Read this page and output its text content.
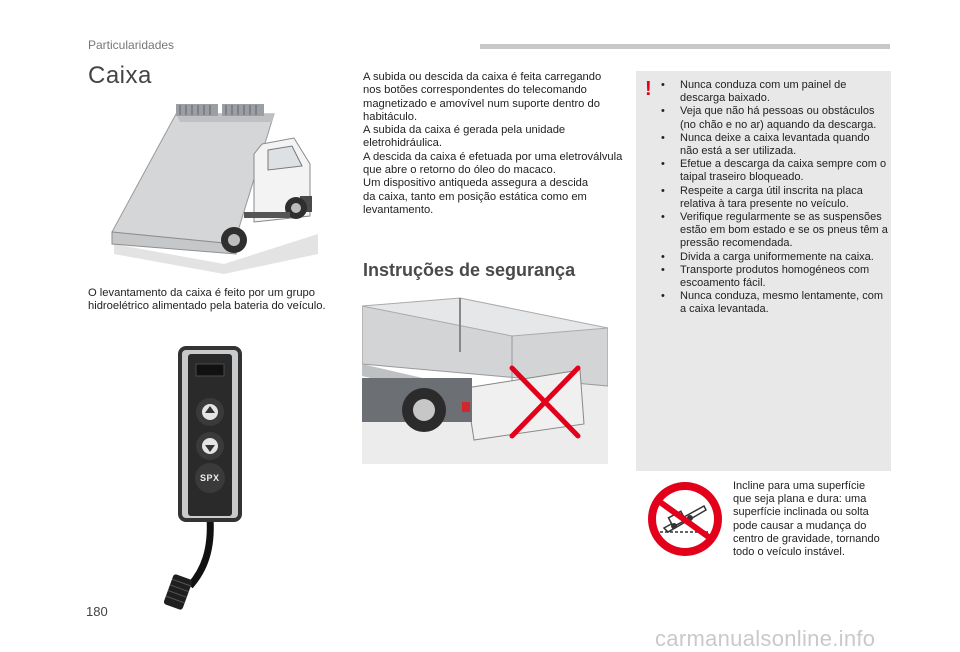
Particularidades
Caixa
O levantamento da caixa é feito por um grupo hidroelétrico alimentado pela bateria do veículo.
SPX
A subida ou descida da caixa é feita carregando
nos botões correspondentes do telecomando
magnetizado e amovível num suporte dentro do
habitáculo.
A subida da caixa é gerada pela unidade
eletrohidráulica.
A descida da caixa é efetuada por uma eletroválvula
que abre o retorno do óleo do macaco.
Um dispositivo antiqueda assegura a descida
da caixa, tanto em posição estática como em
levantamento.
Instruções de segurança
!	• Nunca conduza com um painel de descarga baixado.
• Veja que não há pessoas ou obstáculos (no chão e no ar) aquando da descarga.
• Nunca deixe a caixa levantada quando não está a ser utilizada.
• Efetue a descarga da caixa sempre com o taipal traseiro bloqueado.
• Respeite a carga útil inscrita na placa relativa à tara presente no veículo.
• Verifique regularmente se as suspensões estão em bom estado e se os pneus têm a pressão recomendada.
• Divida a carga uniformemente na caixa.
• Transporte produtos homogéneos com escoamento fácil.
• Nunca conduza, mesmo lentamente, com a caixa levantada.
Incline para uma superfície
que seja plana e dura: uma
superfície inclinada ou solta
pode causar a mudança do
centro de gravidade, tornando
todo o veículo instável.
180
carmanualsonline.info
